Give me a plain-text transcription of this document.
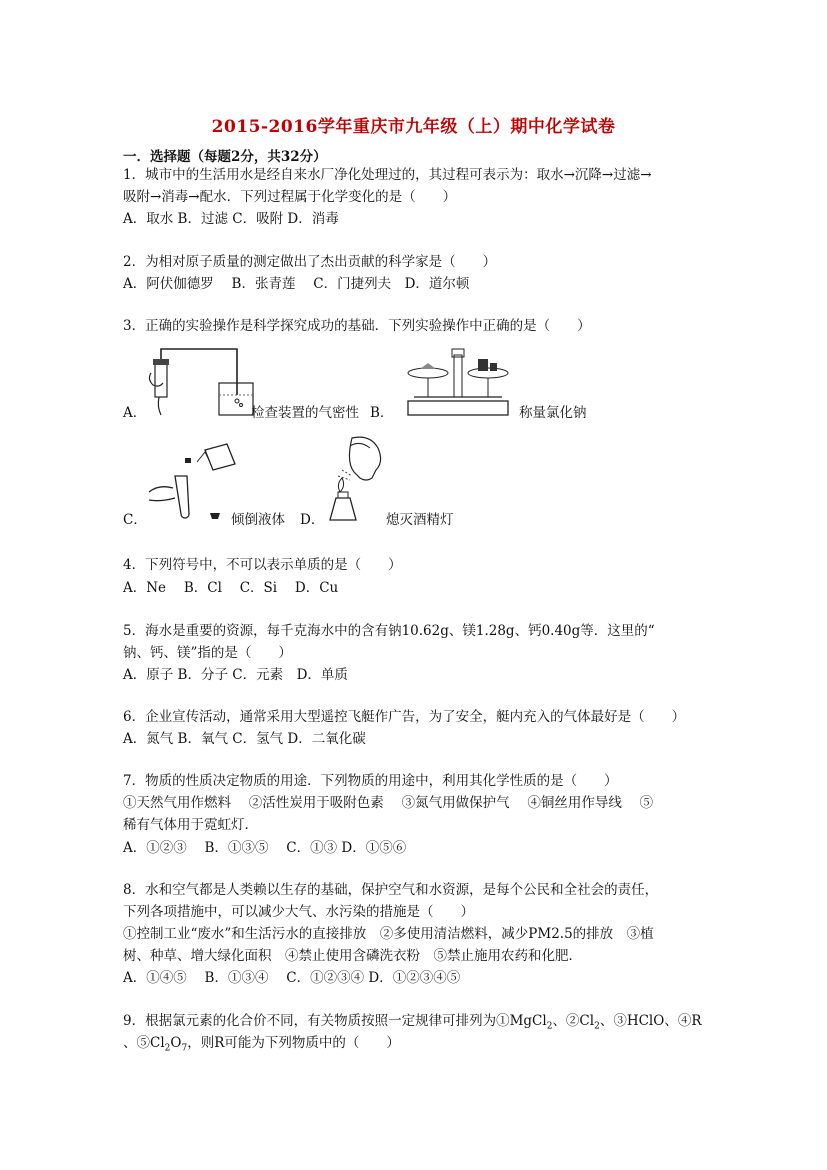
2015-2016学年重庆市九年级（上）期中化学试卷
一．选择题（每题2分，共32分）
1．城市中的生活用水是经自来水厂净化处理过的，其过程可表示为：取水→沉降→过滤→
吸附→消毒→配水．下列过程属于化学变化的是（　　）
A．取水 B．过滤 C．吸附 D．消毒
2．为相对原子质量的测定做出了杰出贡献的科学家是（　　）
A．阿伏伽德罗　 B．张青莲　 C．门捷列夫　D．道尔顿
3．正确的实验操作是科学探究成功的基础．下列实验操作中正确的是（　　）
A．	检查装置的气密性 B．	称量氯化钠
C．	倾倒液体 D．	熄灭酒精灯
4．下列符号中，不可以表示单质的是（　　）
A．Ne　 B．Cl　 C．Si　 D．Cu
5．海水是重要的资源，每千克海水中的含有钠10.62g、镁1.28g、钙0.40g等．这里的“
钠、钙、镁”指的是（　　）
A．原子 B．分子 C．元素　D．单质
6．企业宣传活动，通常采用大型遥控飞艇作广告，为了安全，艇内充入的气体最好是（　　）
A．氮气 B．氧气 C．氢气 D．二氧化碳
7．物质的性质决定物质的用途．下列物质的用途中，利用其化学性质的是（　　）
①天然气用作燃料　 ②活性炭用于吸附色素　 ③氮气用做保护气　 ④铜丝用作导线　 ⑤
稀有气体用于霓虹灯．
A．①②③　 B．①③⑤　 C．①③ D．①⑤⑥
8．水和空气都是人类赖以生存的基础，保护空气和水资源，是每个公民和全社会的责任，
下列各项措施中，可以减少大气、水污染的措施是（　　）
①控制工业“废水”和生活污水的直接排放　②多使用清洁燃料，减少PM2.5的排放　③植
树、种草、增大绿化面积　④禁止使用含磷洗衣粉　⑤禁止施用农药和化肥．
A．①④⑤　 B．①③④　 C．①②③④ D．①②③④⑤
9．根据氯元素的化合价不同，有关物质按照一定规律可排列为①MgCl$_2$、$②Cl_2$、③HClO、④R
、$⑤Cl_2O_7$，则R可能为下列物质中的（　　）
